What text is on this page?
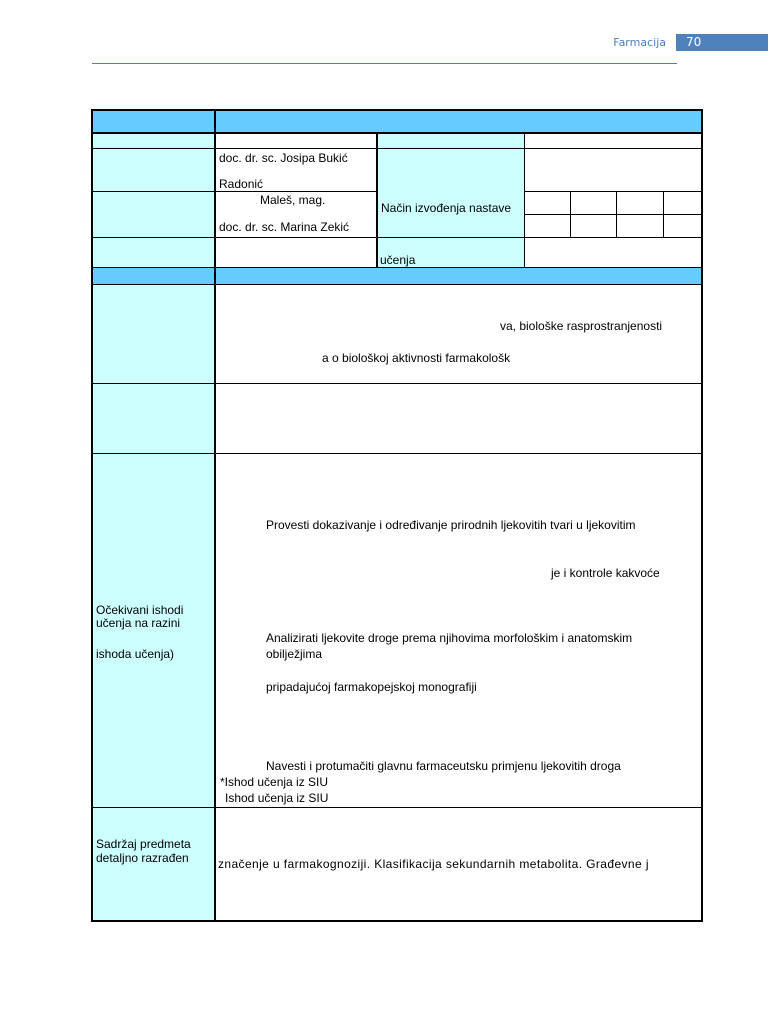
Farmacija	70
doc. dr. sc. Josipa Bukić
Radonić
Maleš, mag.
doc. dr. sc. Marina Zekić
Način izvođenja nastave
učenja
va, biološke rasprostranjenosti
a o biološkoj aktivnosti farmakološk
Očekivani ishodi
učenja na razini
ishoda učenja)
Provesti dokazivanje i određivanje prirodnih ljekovitih tvari u ljekovitim
je i kontrole kakvoće
Analizirati ljekovite droge prema njihovima morfološkim i anatomskim
obilježjima
pripadajućoj farmakopejskoj monografiji
Navesti i protumačiti glavnu farmaceutsku primjenu ljekovitih droga
*Ishod učenja iz SIU
Ishod učenja iz SIU
Sadržaj predmeta
detaljno razrađen značenje u farmakognoziji. Klasifikacija sekundarnih metabolita. Građevne j
